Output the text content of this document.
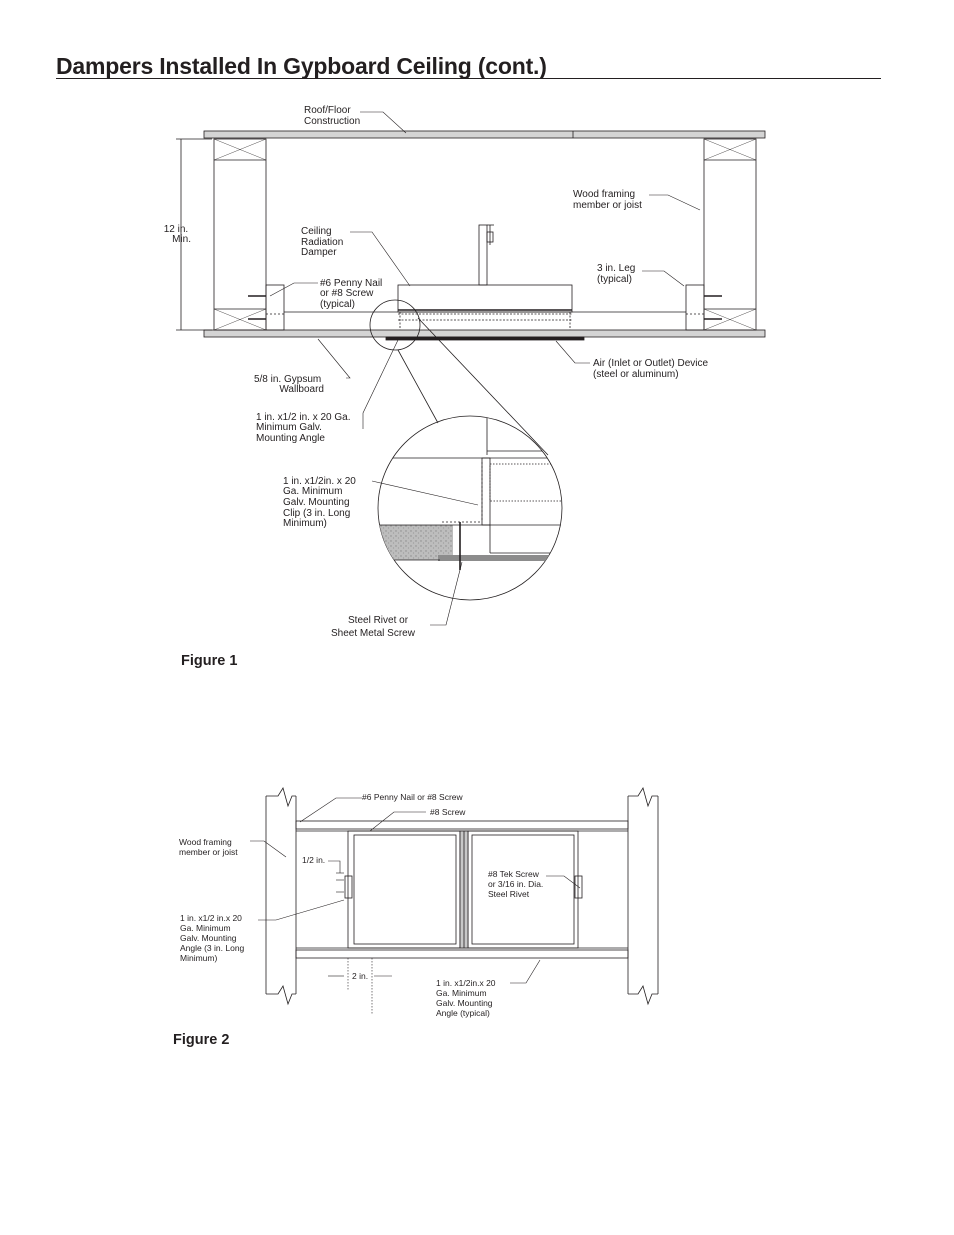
Dampers Installed In Gypboard Ceiling (cont.)
Roof/Floor Construction
Wood framing member or joist
12 in. Min.
Ceiling Radiation Damper
3 in. Leg (typical)
#6 Penny Nail or #8 Screw (typical)
Air (Inlet or Outlet) Device (steel or aluminum)
5/8 in. Gypsum Wallboard
1 in. x1/2 in. x 20 Ga. Minimum Galv. Mounting Angle
1 in. x1/2in. x 20 Ga. Minimum Galv. Mounting Clip (3 in. Long Minimum)
Steel Rivet or Sheet Metal Screw
#6 Penny Nail or #8 Screw
#8 Screw
Wood framing member or joist
1/2 in.
#8 Tek Screw or 3/16 in. Dia. Steel Rivet
1 in. x1/2 in.x 20 Ga. Minimum Galv. Mounting Angle (3 in. Long Minimum)
2 in.
1 in. x1/2in.x 20 Ga. Minimum Galv. Mounting Angle (typical)
Figure 1
Figure 2
